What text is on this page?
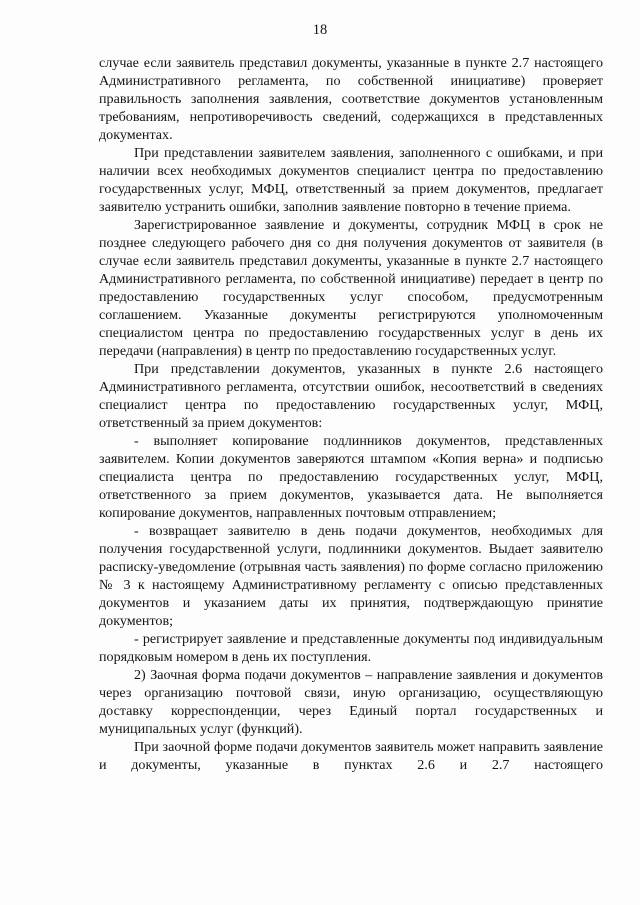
18

случае если заявитель представил документы, указанные в пункте 2.7 настоящего Административного регламента, по собственной инициативе) проверяет правильность заполнения заявления, соответствие документов установленным требованиям, непротиворечивость сведений, содержащихся в представленных документах.

При представлении заявителем заявления, заполненного с ошибками, и при наличии всех необходимых документов специалист центра по предоставлению государственных услуг, МФЦ, ответственный за прием документов, предлагает заявителю устранить ошибки, заполнив заявление повторно в течение приема.

Зарегистрированное заявление и документы, сотрудник МФЦ в срок не позднее следующего рабочего дня со дня получения документов от заявителя (в случае если заявитель представил документы, указанные в пункте 2.7 настоящего Административного регламента, по собственной инициативе) передает в центр по предоставлению государственных услуг способом, предусмотренным соглашением. Указанные документы регистрируются уполномоченным специалистом центра по предоставлению государственных услуг в день их передачи (направления) в центр по предоставлению государственных услуг.

При представлении документов, указанных в пункте 2.6 настоящего Административного регламента, отсутствии ошибок, несоответствий в сведениях специалист центра по предоставлению государственных услуг, МФЦ, ответственный за прием документов:

- выполняет копирование подлинников документов, представленных заявителем. Копии документов заверяются штампом «Копия верна» и подписью специалиста центра по предоставлению государственных услуг, МФЦ, ответственного за прием документов, указывается дата. Не выполняется копирование документов, направленных почтовым отправлением;

- возвращает заявителю в день подачи документов, необходимых для получения государственной услуги, подлинники документов. Выдает заявителю расписку-уведомление (отрывная часть заявления) по форме согласно приложению № 3 к настоящему Административному регламенту с описью представленных документов и указанием даты их принятия, подтверждающую принятие документов;

- регистрирует заявление и представленные документы под индивидуальным порядковым номером в день их поступления.

2) Заочная форма подачи документов – направление заявления и документов через организацию почтовой связи, иную организацию, осуществляющую доставку корреспонденции, через Единый портал государственных и муниципальных услуг (функций).

При заочной форме подачи документов заявитель может направить заявление и документы, указанные в пунктах 2.6 и 2.7 настоящего
